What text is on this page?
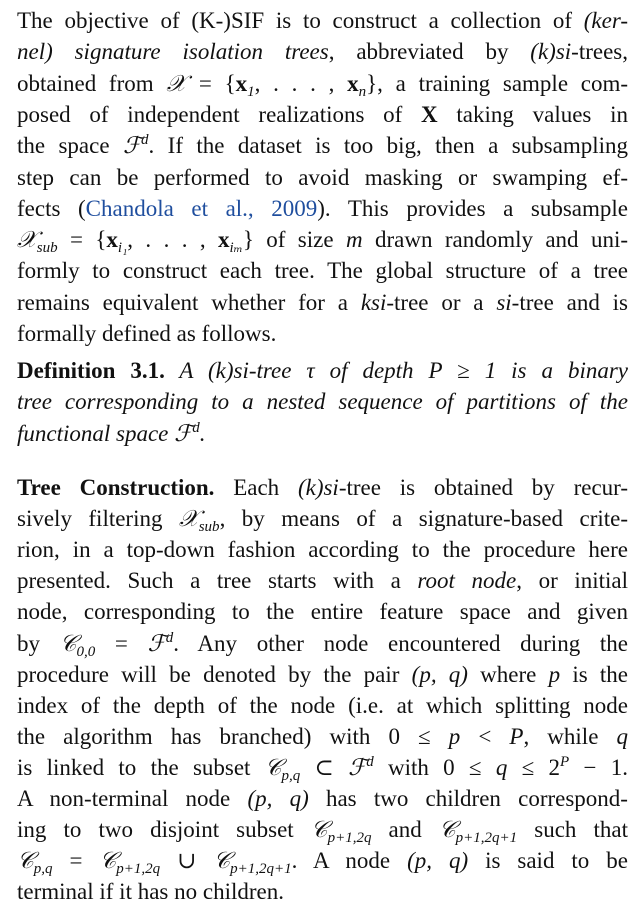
The objective of (K-)SIF is to construct a collection of (ker-
nel) signature isolation trees, abbreviated by (k)si-trees,
obtained from 𝒳 = {$x_1$, . . . , $x_n$}, a training sample com-
posed of independent realizations of X taking values in
the space ℱ$^d$. If the dataset is too big, then a subsampling
step can be performed to avoid masking or swamping ef-
fects (Chandola et al., 2009). This provides a subsample
𝒳$_{sub}$ = {$x_{i_1}$, . . . , $x_{i_m}$} of size m drawn randomly and uni-
formly to construct each tree. The global structure of a tree
remains equivalent whether for a ksi-tree or a si-tree and is
formally defined as follows.
Definition 3.1. A (k)si-tree τ of depth P ≥ 1 is a binary
tree corresponding to a nested sequence of partitions of the
functional space ℱ$^d$.
Tree Construction. Each (k)si-tree is obtained by recur-
sively filtering 𝒳$_{sub}$, by means of a signature-based crite-
rion, in a top-down fashion according to the procedure here
presented. Such a tree starts with a root node, or initial
node, corresponding to the entire feature space and given
by 𝒞$_{0,0}$ = ℱ$^d$. Any other node encountered during the
procedure will be denoted by the pair (p, q) where p is the
index of the depth of the node (i.e. at which splitting node
the algorithm has branched) with 0 ≤ p < P, while q
is linked to the subset 𝒞$_{p,q}$ ⊂ ℱ$^d$ with $0 \le q \le 2^P - 1$.
A non-terminal node (p, q) has two children correspond-
ing to two disjoint subset 𝒞$_{p+1,2q}$ and 𝒞$_{p+1,2q+1}$ such that
𝒞$_{p,q}$ = 𝒞$_{p+1,2q}$ ∪ 𝒞$_{p+1,2q+1}$. A node (p, q) is said to be
terminal if it has no children.
